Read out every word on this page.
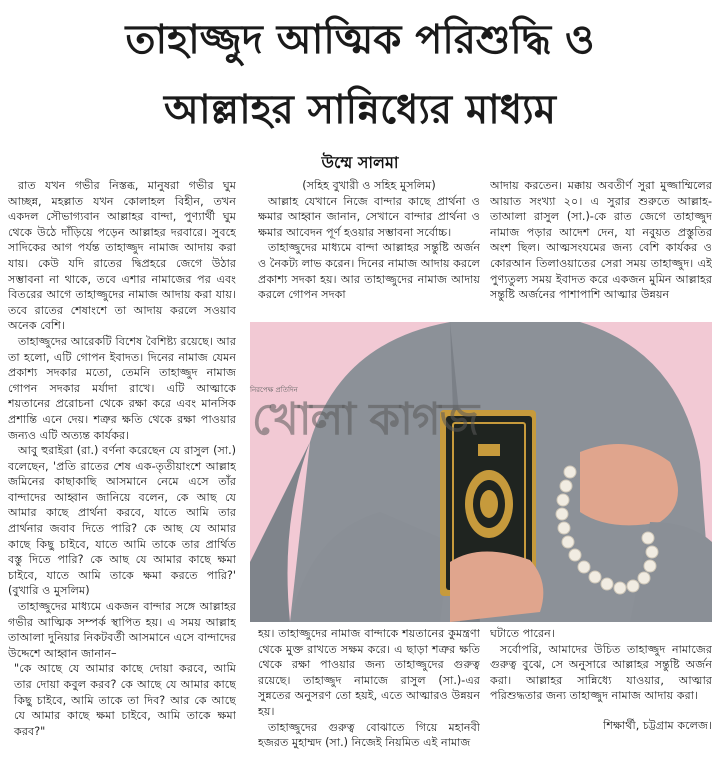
তাহাজ্জুদ আত্মিক পরিশুদ্ধি ও
আল্লাহর সান্নিধ্যের মাধ্যম
উম্মে সালমা

রাত যখন গভীর নিস্তব্ধ, মানুষরা গভীর ঘুম আচ্ছন্ন, মহল্লাত যখন কোলাহল বিহীন, তখন একদল সৌভাগ্যবান আল্লাহর বান্দা, পুণ্যার্থী ঘুম থেকে উঠে দাঁড়িয়ে পড়েন আল্লাহর দরবারে। সুবহে সাদিকের আগ পর্যন্ত তাহাজ্জুদ নামাজ আদায় করা যায়। কেউ যদি রাতের দ্বিপ্রহরে জেগে উঠার সম্ভাবনা না থাকে, তবে এশার নামাজের পর এবং বিতরের আগে তাহাজ্জুদের নামাজ আদায় করা যায়। তবে রাতের শেষাংশে তা আদায় করলে সওয়াব অনেক বেশি।

তাহাজ্জুদের আরেকটি বিশেষ বৈশিষ্ট্য রয়েছে। আর তা হলো, এটি গোপন ইবাদত। দিনের নামাজ যেমন প্রকাশ্য সদকার মতো, তেমনি তাহাজ্জুদ নামাজ গোপন সদকার মর্যাদা রাখে। এটি আত্মাকে শয়তানের প্ররোচনা থেকে রক্ষা করে এবং মানসিক প্রশান্তি এনে দেয়। শত্রুর ক্ষতি থেকে রক্ষা পাওয়ার জন্যও এটি অত্যন্ত কার্যকর।

আবু হুরাইরা (রা.) বর্ণনা করেছেন যে রাসুল (সা.) বলেছেন, 'প্রতি রাতের শেষ এক-তৃতীয়াংশে আল্লাহ জমিনের কাছাকাছি আসমানে নেমে এসে তাঁর বান্দাদের আহ্বান জানিয়ে বলেন, কে আছ যে আমার কাছে প্রার্থনা করবে, যাতে আমি তার প্রার্থনার জবাব দিতে পারি? কে আছ যে আমার কাছে কিছু চাইবে, যাতে আমি তাকে তার প্রার্থিত বস্তু দিতে পারি? কে আছ যে আমার কাছে ক্ষমা চাইবে, যাতে আমি তাকে ক্ষমা করতে পারি?' (বুখারি ও মুসলিম)

তাহাজ্জুদের মাধ্যমে একজন বান্দার সঙ্গে আল্লাহর গভীর আত্মিক সম্পর্ক স্থাপিত হয়। এ সময় আল্লাহ তাআলা দুনিয়ার নিকটবর্তী আসমানে এসে বান্দাদের উদ্দেশে আহ্বান জানান–

"কে আছে যে আমার কাছে দোয়া করবে, আমি তার দোয়া কবুল করব? কে আছে যে আমার কাছে কিছু চাইবে, আমি তাকে তা দিব? আর কে আছে যে আমার কাছে ক্ষমা চাইবে, আমি তাকে ক্ষমা করব?"

(সহিহ বুখারী ও সহিহ মুসলিম)

আল্লাহ যেখানে নিজে বান্দার কাছে প্রার্থনা ও ক্ষমার আহ্বান জানান, সেখানে বান্দার প্রার্থনা ও ক্ষমার আবেদন পূর্ণ হওয়ার সম্ভাবনা সর্বোচ্চ।

তাহাজ্জুদের মাধ্যমে বান্দা আল্লাহর সন্তুষ্টি অর্জন ও নৈকট্য লাভ করেন। দিনের নামাজ আদায় করলে প্রকাশ্য সদকা হয়। আর তাহাজ্জুদের নামাজ আদায় করলে গোপন সদকা

আদায় করতেন। মক্কায় অবতীর্ণ সুরা মুজ্জাম্মিলের আয়াত সংখ্যা ২০। এ সুরার শুরুতে আল্লাহ-তাআলা রাসুল (সা.)-কে রাত জেগে তাহাজ্জুদ নামাজ পড়ার আদেশ দেন, যা নবুয়ত প্রস্তুতির অংশ ছিল। আত্মসংযমের জন্য বেশি কার্যকর ও কোরআন তিলাওয়াতের সেরা সময় তাহাজ্জুদ। এই পুণ্যতুল্য সময় ইবাদত করে একজন মুমিন আল্লাহর সন্তুষ্টি অর্জনের পাশাপাশি আত্মার উন্নয়ন

নিরপেক্ষ প্রতিদিন
খোলা কাগজ

হয়। তাহাজ্জুদের নামাজ বান্দাকে শয়তানের কুমন্ত্রণা থেকে মুক্ত রাখতে সক্ষম করে। এ ছাড়া শত্রুর ক্ষতি থেকে রক্ষা পাওয়ার জন্য তাহাজ্জুদের গুরুত্ব রয়েছে। তাহাজ্জুদ নামাজে রাসুল (সা.)-এর সুন্নতের অনুসরণ তো হয়ই, এতে আত্মারও উন্নয়ন হয়।

তাহাজ্জুদের গুরুত্ব বোঝাতে গিয়ে মহানবী হজরত মুহাম্মদ (সা.) নিজেই নিয়মিত এই নামাজ

ঘটাতে পারেন।

সর্বোপরি, আমাদের উচিত তাহাজ্জুদ নামাজের গুরুত্ব বুঝে, সে অনুসারে আল্লাহর সন্তুষ্টি অর্জন করা। আল্লাহর সান্নিধ্যে যাওয়ার, আত্মার পরিশুদ্ধতার জন্য তাহাজ্জুদ নামাজ আদায় করা।

শিক্ষার্থী, চট্টগ্রাম কলেজ।
